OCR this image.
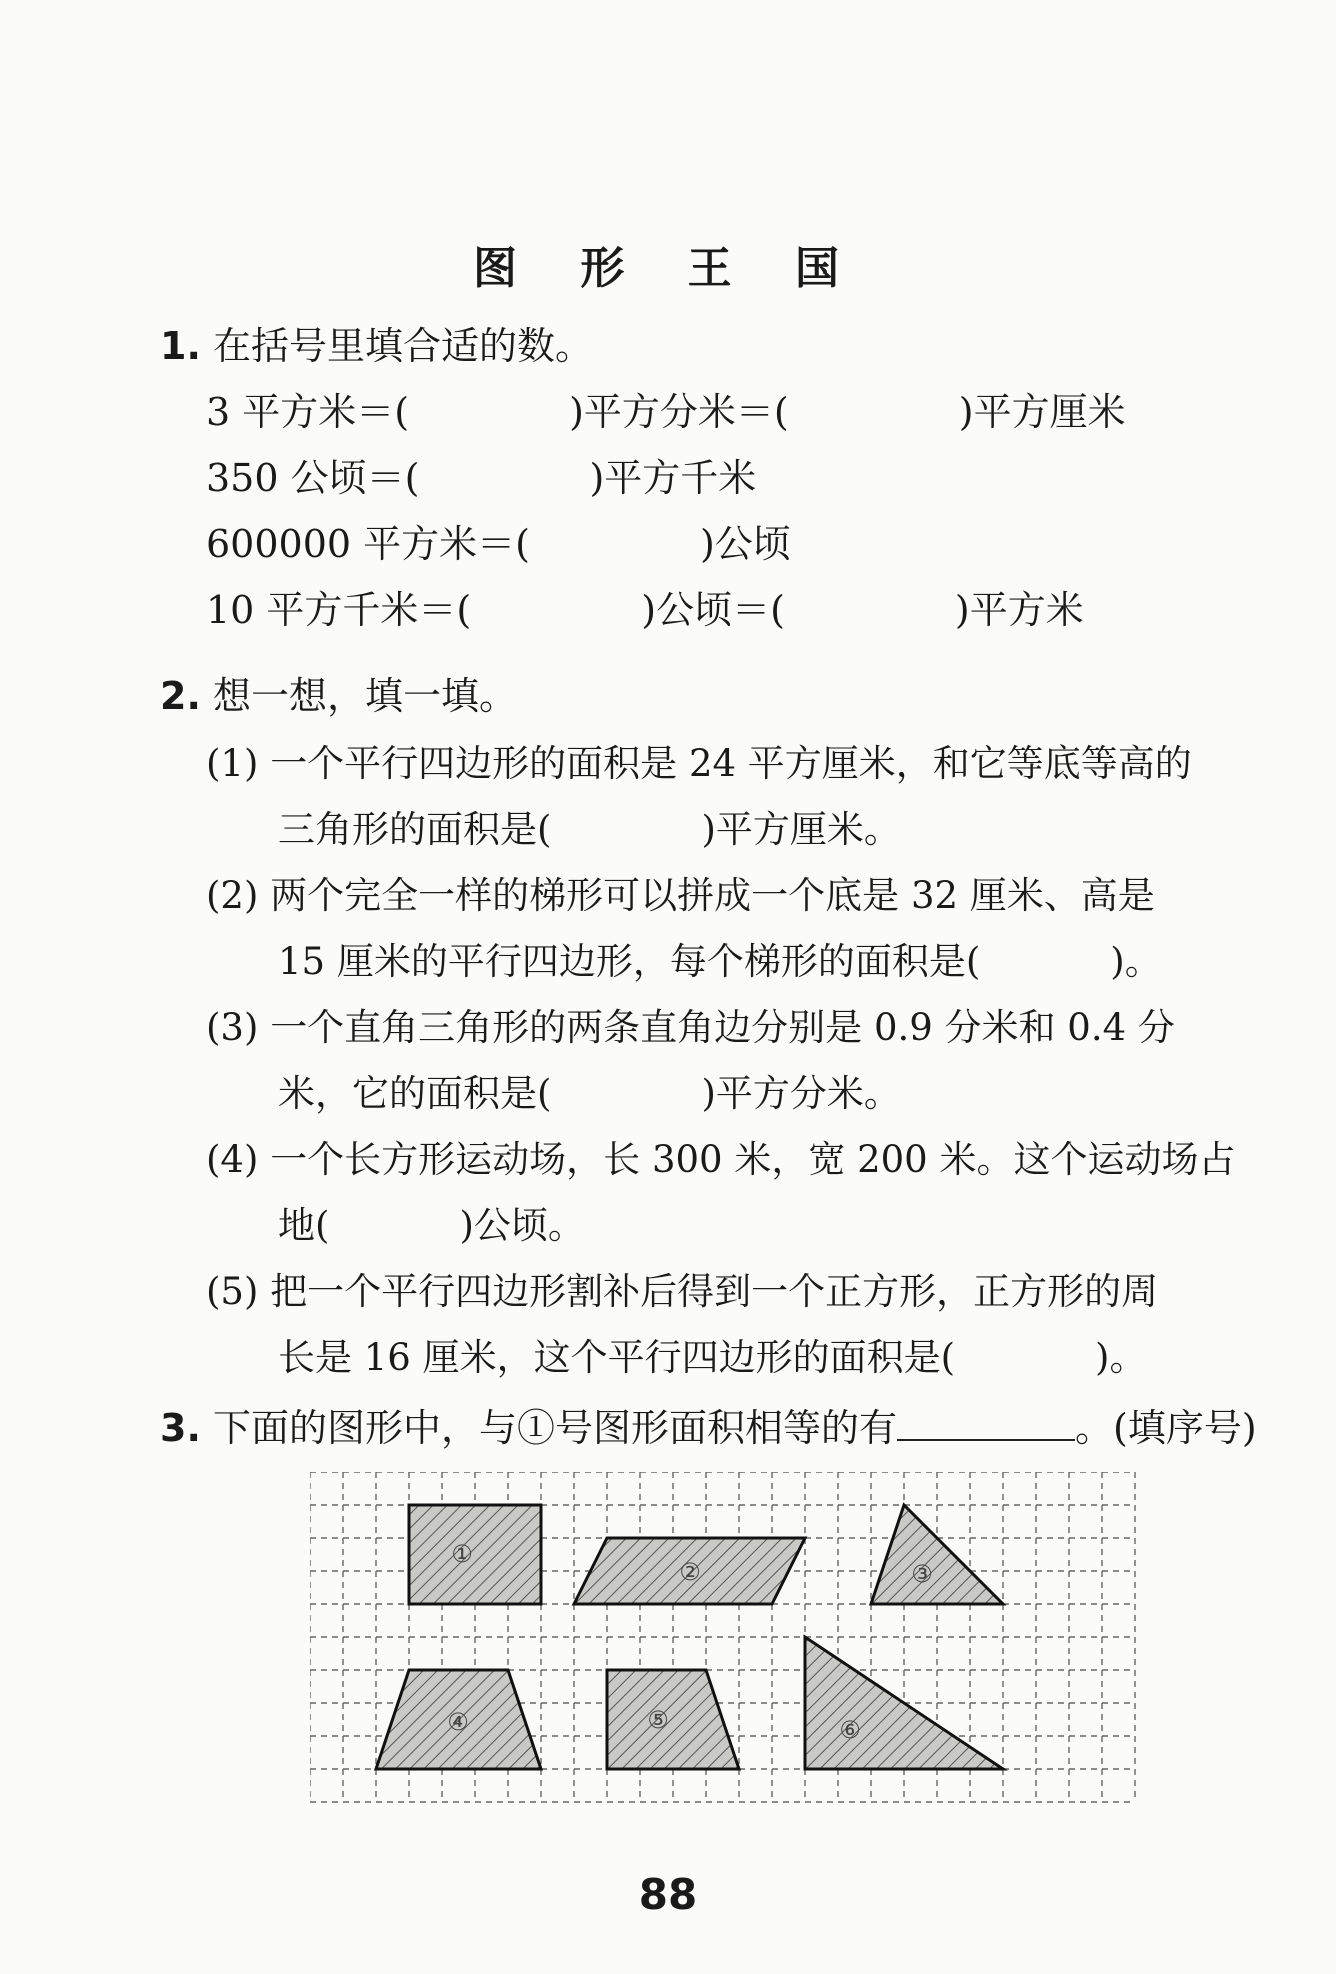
图 形 王 国
1. 在括号里填合适的数。
3 平方米＝(	)平方分米＝(	)平方厘米
350 公顷＝(	)平方千米
600000 平方米＝(	)公顷
10 平方千米＝(	)公顷＝(	)平方米
2. 想一想，填一填。
(1) 一个平行四边形的面积是 24 平方厘米，和它等底等高的
三角形的面积是(	)平方厘米。
(2) 两个完全一样的梯形可以拼成一个底是 32 厘米、高是
15 厘米的平行四边形，每个梯形的面积是(	)。
(3) 一个直角三角形的两条直角边分别是 0.9 分米和 0.4 分
米，它的面积是(	)平方分米。
(4) 一个长方形运动场，长 300 米，宽 200 米。这个运动场占
地(	)公顷。
(5) 把一个平行四边形割补后得到一个正方形，正方形的周
长是 16 厘米，这个平行四边形的面积是(	)。
3. 下面的图形中，与①号图形面积相等的有	。(填序号)
①
②	③
④	⑤	⑥
88
